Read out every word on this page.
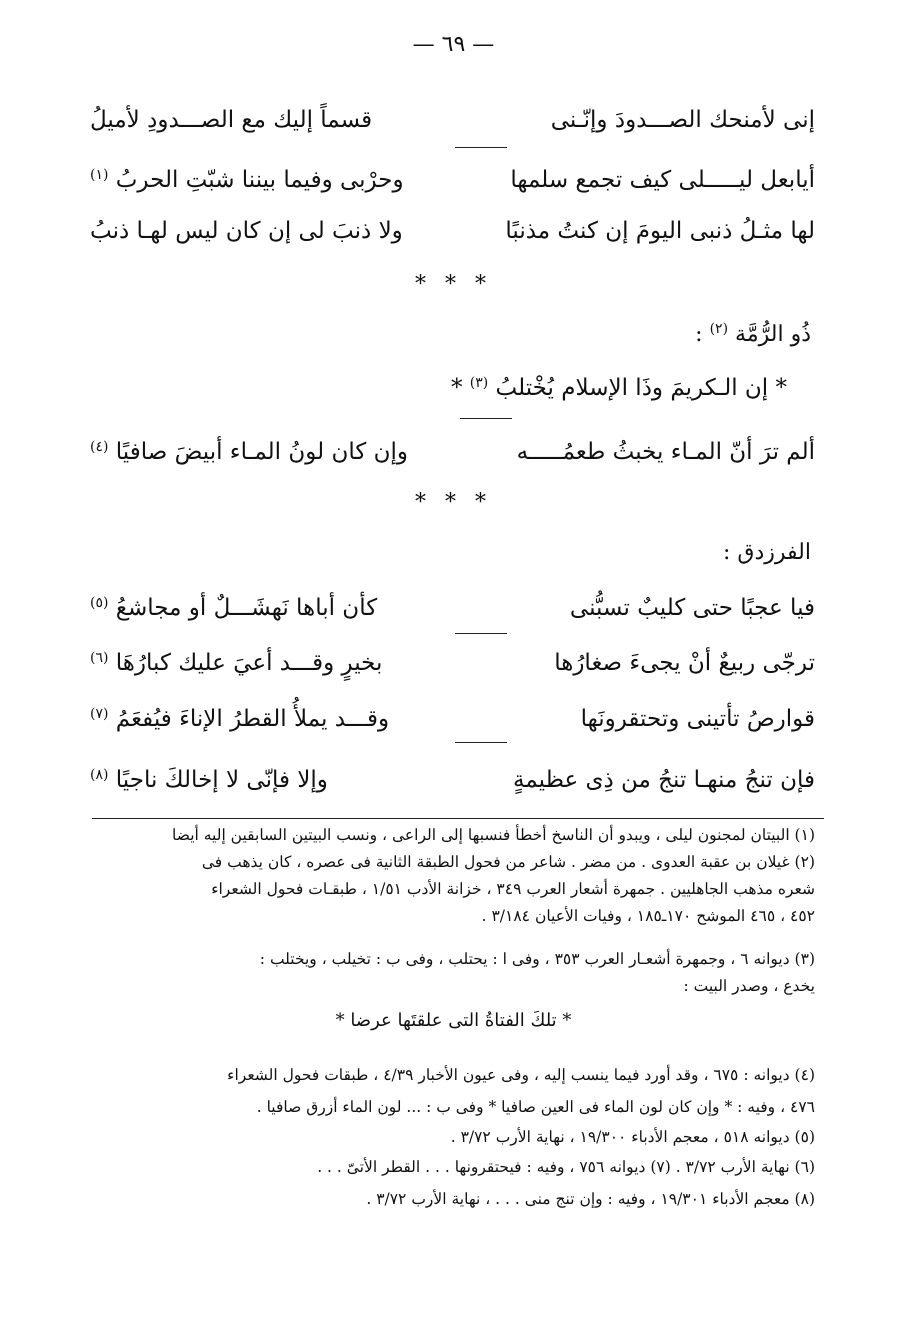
— ٦٩ —
إنى لأمنحك الصـــدودَ وإنّـنى
قسماً إليك مع الصـــدودِ لأميلُ
أيابعل ليـــــلى كيف تجمع سلمها
وحرْبى وفيما بيننا شبّتِ الحربُ $^{(١)}$
لها مثـلُ ذنبى اليومَ إن كنتُ مذنبًا
ولا ذنبَ لى إن كان ليس لهـا ذنبُ
* * *
ذُو الرُّمَّة $^{(٢)}$ :
* إن الـكريمَ وذَا الإسلام يُخْتلبُ $^{(٣)}$ *
ألم ترَ أنّ المـاء يخبثُ طعمُـــــه
وإن كان لونُ المـاء أبيضَ صافيًا $^{(٤)}$
* * *
الفرزدق :
فيا عجبًا حتى كليبٌ تسبُّنى
كأن أباها نَهشَـــلٌ أو مجاشعُ $^{(٥)}$
ترجّى ربيعٌ أنْ يجىءَ صغارُها
بخيرٍ وقـــد أعيَ عليك كبارُهَا $^{(٦)}$
قوارصُ تأتينى وتحتقرونَها
وقـــد يملأُ القطرُ الإناءَ فيُفعَمُ $^{(٧)}$
فإن تنجُ منهـا تنجُ من ذِى عظيمةٍ
وإلا فإنّى لا إخالكَ ناجيًا $^{(٨)}$
(١) البيتان لمجنون ليلى ، ويبدو أن الناسخ أخطأ فنسبها إلى الراعى ، ونسب البيتين السابقين إليه أيضا
(٢) غيلان بن عقبة العدوى . من مضر . شاعر من فحول الطبقة الثانية فى عصره ، كان يذهب فى
شعره مذهب الجاهليين . جمهرة أشعار العرب ٣٤٩ ، خزانة الأدب ١/٥١ ، طبقـات فحول الشعراء
٤٥٢ ، ٤٦٥ الموشح ١٧٠ـ١٨٥ ، وفيات الأعيان ٣/١٨٤ .
(٣) ديوانه ٦ ، وجمهرة أشعـار العرب ٣٥٣ ، وفى ا : يحتلب ، وفى ب : تخيلب ، ويختلب :
يخدع ، وصدر البيت :
* تلكَ الفتاةُ التى علقتَها عرضا *
(٤) ديوانه : ٦٧٥ ، وقد أورد فيما ينسب إليه ، وفى عيون الأخبار ٤/٣٩ ، طبقات فحول الشعراء
٤٧٦ ، وفيه : * وإن كان لون الماء فى العين صافيا * وفى ب : ... لون الماء أزرق صافيا .
(٥) ديوانه ٥١٨ ، معجم الأدباء ١٩/٣٠٠ ، نهاية الأرب ٣/٧٢ .
(٦) نهاية الأرب ٣/٧٢ . (٧) ديوانه ٧٥٦ ، وفيه : فيحتقرونها . . . القطر الأتىّ . . .
(٨) معجم الأدباء ١٩/٣٠١ ، وفيه : وإن تنج منى . . . ، نهاية الأرب ٣/٧٢ .
